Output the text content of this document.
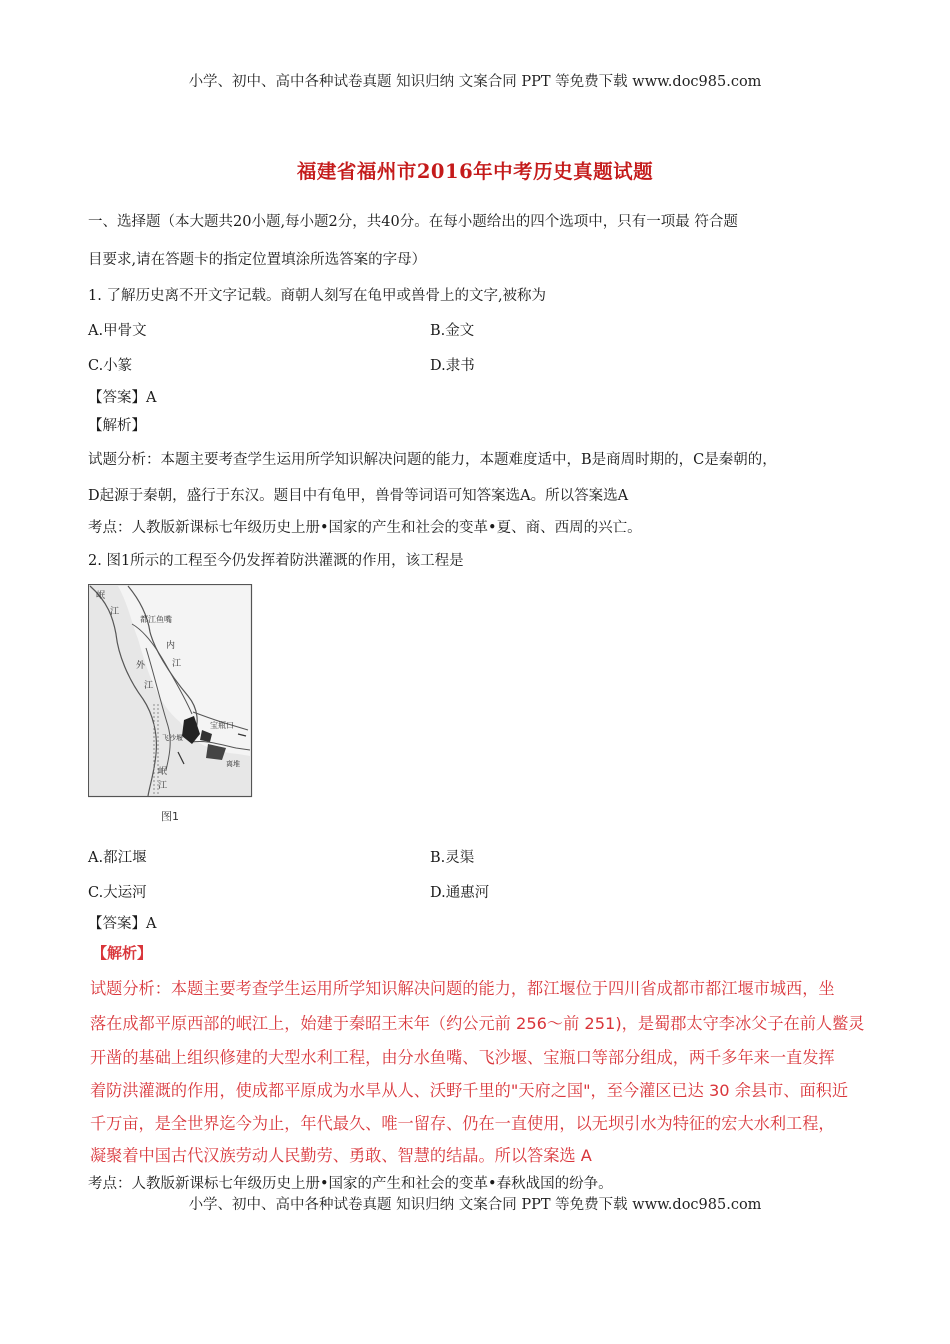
小学、初中、高中各种试卷真题 知识归纳 文案合同 PPT 等免费下载 www.doc985.com
福建省福州市2016年中考历史真题试题
一、选择题（本大题共20小题,每小题2分，共40分。在每小题给出的四个选项中，只有一项最 符合题
目要求,请在答题卡的指定位置填涂所选答案的字母）
1. 了解历史离不开文字记载。商朝人刻写在龟甲或兽骨上的文字,被称为
A.甲骨文	B.金文
C.小篆	D.隶书
【答案】A
【解析】
试题分析：本题主要考查学生运用所学知识解决问题的能力，本题难度适中，B是商周时期的，C是秦朝的，
D起源于秦朝，盛行于东汉。题目中有龟甲，兽骨等词语可知答案选A。所以答案选A
考点：人教版新课标七年级历史上册•国家的产生和社会的变革•夏、商、西周的兴亡。
2. 图1所示的工程至今仍发挥着防洪灌溉的作用，该工程是
岷
江
都江鱼嘴
内
江
外
江
飞沙堰
宝瓶口
离堆
岷
江
图1
A.都江堰	B.灵渠
C.大运河	D.通惠河
【答案】A
【解析】
试题分析：本题主要考查学生运用所学知识解决问题的能力，都江堰位于四川省成都市都江堰市城西，坐
落在成都平原西部的岷江上，始建于秦昭王末年（约公元前 256～前 251)，是蜀郡太守李冰父子在前人鳖灵
开凿的基础上组织修建的大型水利工程，由分水鱼嘴、飞沙堰、宝瓶口等部分组成，两千多年来一直发挥
着防洪灌溉的作用，使成都平原成为水旱从人、沃野千里的"天府之国"，至今灌区已达 30 余县市、面积近
千万亩，是全世界迄今为止，年代最久、唯一留存、仍在一直使用，以无坝引水为特征的宏大水利工程，
凝聚着中国古代汉族劳动人民勤劳、勇敢、智慧的结晶。所以答案选 A
考点：人教版新课标七年级历史上册•国家的产生和社会的变革•春秋战国的纷争。
小学、初中、高中各种试卷真题 知识归纳 文案合同 PPT 等免费下载 www.doc985.com
